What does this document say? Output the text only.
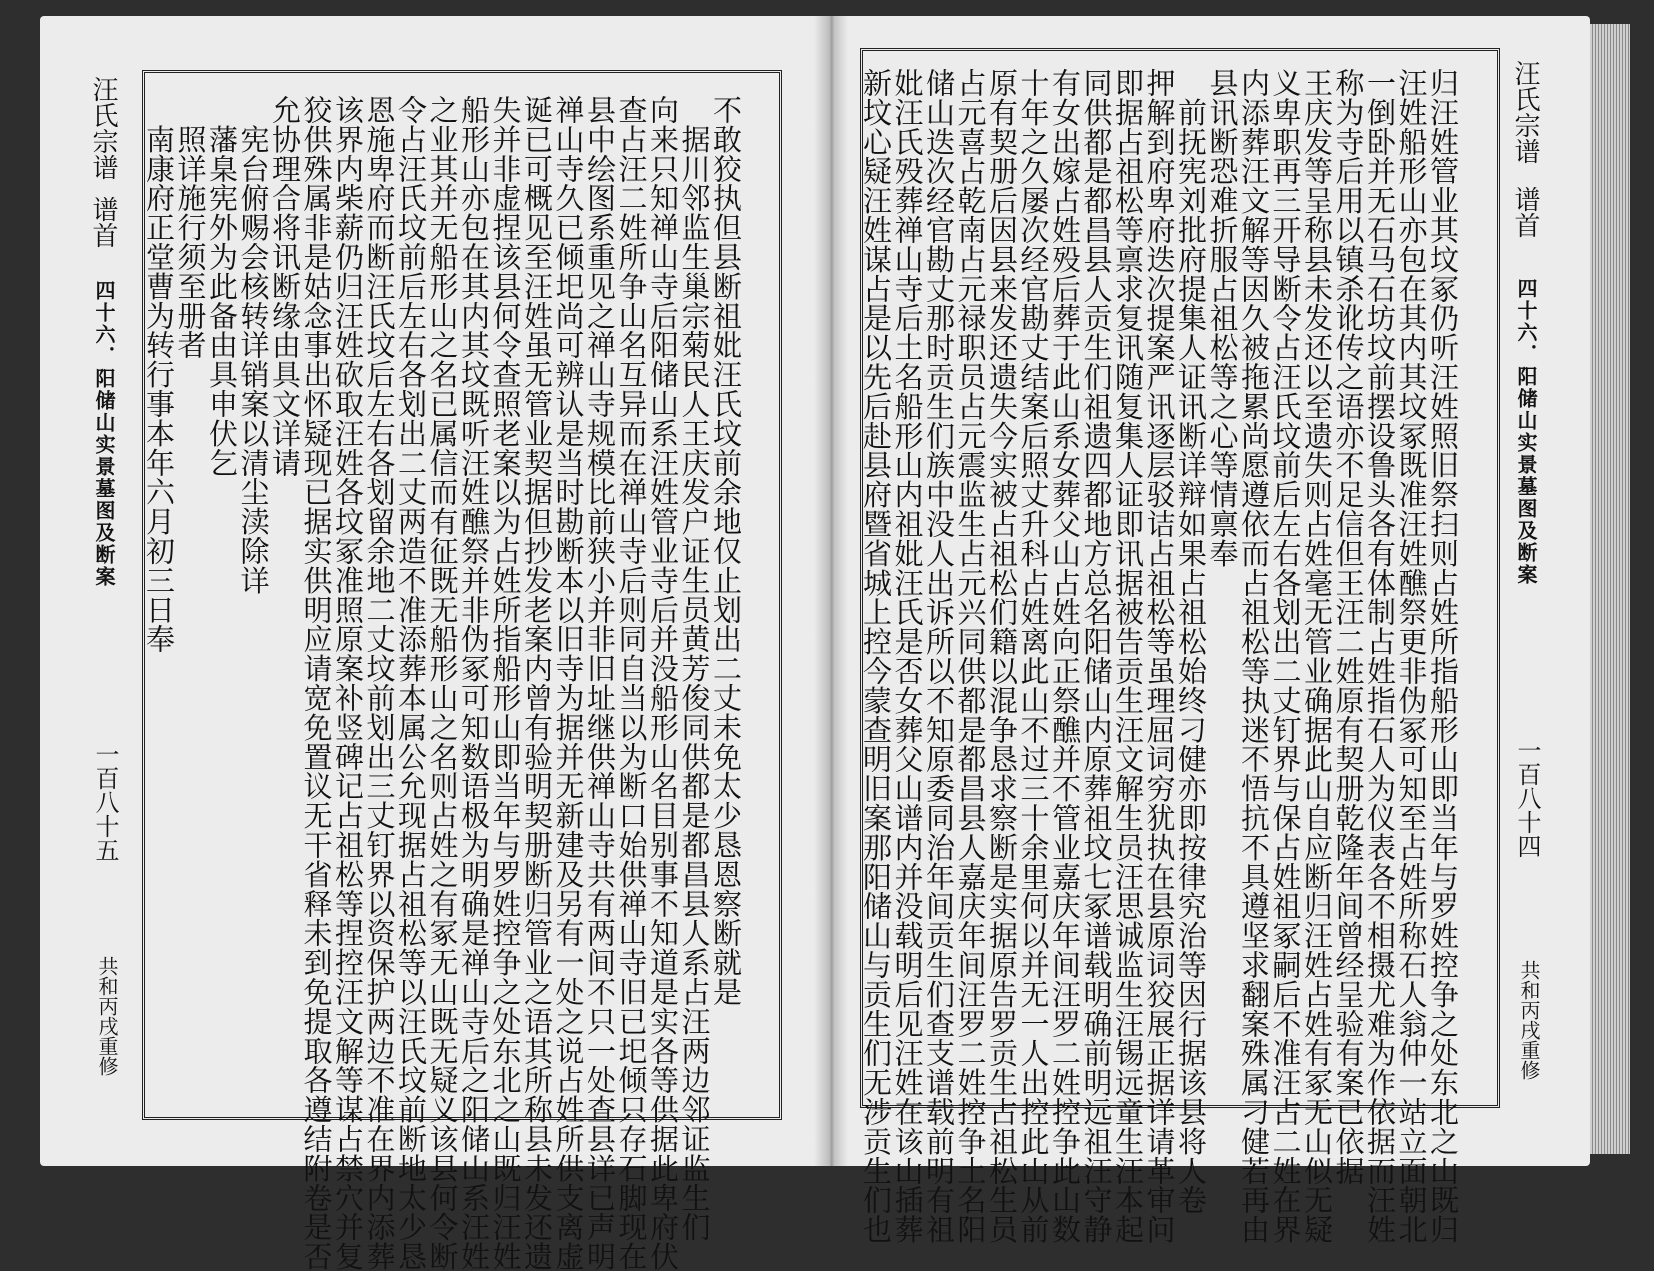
汪氏宗谱
谱首
四十六．阳储山实景墓图及断案
一百八十五
共和丙戌重修
不敢狡执但县断祖妣汪氏坟前余地仅止划出二丈未免太少恳恩察断就是
　据川邻监生巢宗菊民人王庆发户证生员黄芳俊同供都是都昌县人系占汪两边邻证监生们
向来只知禅山寺后阳储山系汪姓管业寺后并没船形山名目别事不知道是实各等供据此卑府伏
查占汪二姓所争山名互异而在禅山寺后则同自当以为断口始供禅山寺旧已圯倾只存石脚现在
县中绘图系重见之禅山寺规模比前狭小并非旧址继供禅山寺共有两间不只一处查县详已声明
禅山寺久已倾圯尚可辨认是当时勘断本以旧寺为据并无新建及另有一处之说占姓所供支离虚
诞已可概见至汪姓虽无管业契据但抄发老案内曾有验明契册断归管业之语其所称县未发还遗
失并非虚捏该县何令查照老案以为占姓所指船形山即当年与罗姓控争之处东北之山既归汪姓
船形山亦包在其内其坟既听汪姓醮祭并非伪冢可知数语极为明确是禅山寺后之阳储山系汪姓
之业其并无船形山之名已属信而有征既无船形山之名则占姓之有冢无山既无疑义该县何令断
令占汪氏坟前后左右各划出二丈两造不准添葬本属公允现据占祖松等以汪氏坟前断地太少恳
恩施卑府而断汪氏坟后左右各划留余地二丈坟前划出三丈钉界以资保护两边不准在界内添葬
该界内柴薪仍归汪姓砍取汪姓各坟冢准照原案补竖碑记占祖松等捏控汪文解等谋占禁穴并复
狡供殊属非是姑念事出怀疑现已据实供明应请宽免置议无干省释未到免提取各遵结附卷是否
允协理合将讯断缘由具文详请
　宪台俯赐会核转详销案以清尘渎除详
　藩臬宪外为此备由具申伏乞
　照详施行须至册者
　南康府正堂曹为转行事本年六月初三日奉	归汪姓管业其坟冢仍听汪姓照旧祭扫则占姓所指船形山即当年与罗姓控争之处东北之山既归
汪姓船形山亦包在其内其坟冢既准汪姓醮祭更非伪冢可知至占姓所称石人翁仲一站立面朝北
一倒卧并无石马石坊坟前摆设鲁头各有体制占姓指石人为仪表各不相摄尤难为作依据而汪姓
称为寺后用以镇杀讹传之语亦不足信但王汪二姓原有契册乾隆年间曾经呈验有案已依据
王庆发等呈称县未发还以至遗失则占姓毫无管业确据此山自应断归汪姓占姓有冢无山似无疑
义卑职再三开导断令占汪氏坟前后左右各划出二丈钉界与保占姓祖冢嗣后不准汪占二姓在界
内添葬汪文解等因久被拖累尚愿遵依而占祖松等执迷不悟抗不具遵坚求翻案殊属刁健若再由
县讯断恐难折服占祖松等之心等情禀奉
　前抚宪刘批府提集人证讯断详辩如果占祖松始终刁健亦即按律究治等因行据该县将人卷
押解到府卑府迭次提案严讯逐层驳诘占祖松等虽理屈词穷犹执在县原词狡展正据详请革审问
即据占祖松等禀求复讯随复集人证即讯据被告贡生汪文解生员汪思诚监生汪锡远童生汪本起
同供都是都昌县人贡生们祖遗四都地方总名阳储山内原葬祖坟七冢谱载明确前明远祖汪守静
有女出嫁占姓殁后葬于此山系女葬父山占姓向正祭醮并不管业嘉庆年间汪罗二姓控争此山数
十年之久屡次经官勘丈结案后照丈升科占姓离此山不过三十余里何以并无一人出控此山从前
原有契册后因县来发还遗失今实被占祖松们籍以混争恳求察断是实据原告罗贡生占祖松生员
占元喜占乾南占元禄职员占元震监生占元兴同供都是都昌县人嘉庆年间汪罗二姓控争土名阳
储山迭次经官勘丈那时贡生们族中没人出诉所以不知原委同治年间贡生们查支谱载前明有祖
妣汪氏殁葬禅山寺后土名船形山内祖妣汪氏是否女葬父山谱内并没载明后见汪姓在该山插葬
新坟心疑汪姓谋占是以先后赴县府暨省城上控今蒙查明旧案那阳储山与贡生们无涉贡生们也	汪氏宗谱
谱首
四十六．阳储山实景墓图及断案
一百八十四
共和丙戌重修
